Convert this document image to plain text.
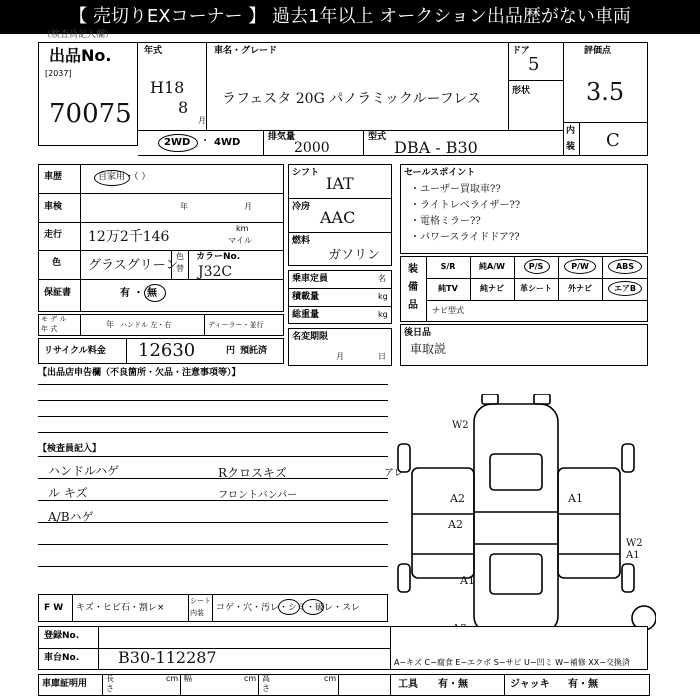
【 売切りEXコーナー 】 過去1年以上 オークション出品歴がない車両
（検査員記入欄）
出品No.
[2037]
70075
年式
H18
8
月
車名・グレード
ラフェスタ 20G パノラミックルーフレス
ドア
5
形状
評価点
3.5
内
装 C
2WD ・ 4WD	排気量
2000
型式
DBA - B30
車歴	自家用・（ ）
車検	年	月
走行 12万2千146
km
マイル
色 グラスグリーン
色
替
カラーNo.
J32C
保証書	有 ・ 無
モ デ ル
年 式	年 ハンドル 左・右	ディーラー・並行
リサイクル料金 12630	円 預託済
シフト
IAT
冷房
AAC
燃料
ガソリン
乗車定員	名
積載量	kg
総重量	kg
名変期限
月	日
セールスポイント
・ユーザー買取車??
・ライトレベライザー??
・電格ミラー??
・パワースライドドア??
装
備
品
S/R	純A/W	P/S	P/W	ABS
純TV	純ナビ	革シート	外ナビ	エアB
ナビ型式
後日品
車取説
【出品店申告欄（不良箇所・欠品・注意事項等）】
【検査員記入】
ハンドルハゲ
ル キズ
A/Bハゲ
Rクロスキズ
フロントバンパー
W2
A2	A1
A2
A1
W2
A1
アレ
F W キズ・ヒビ石・割レ×
シート
内装 コゲ・穴・汚レ・シミ・破レ・スレ
登録No.
車台No. B30-112287	A−キズ C−腐食 E−エクボ S−サビ U−凹ミ W−補修 XX−交換済
車庫証明用
長
さ
cm 幅	cm 高
さ
cm
工具 有・無	ジャッキ 有・無
